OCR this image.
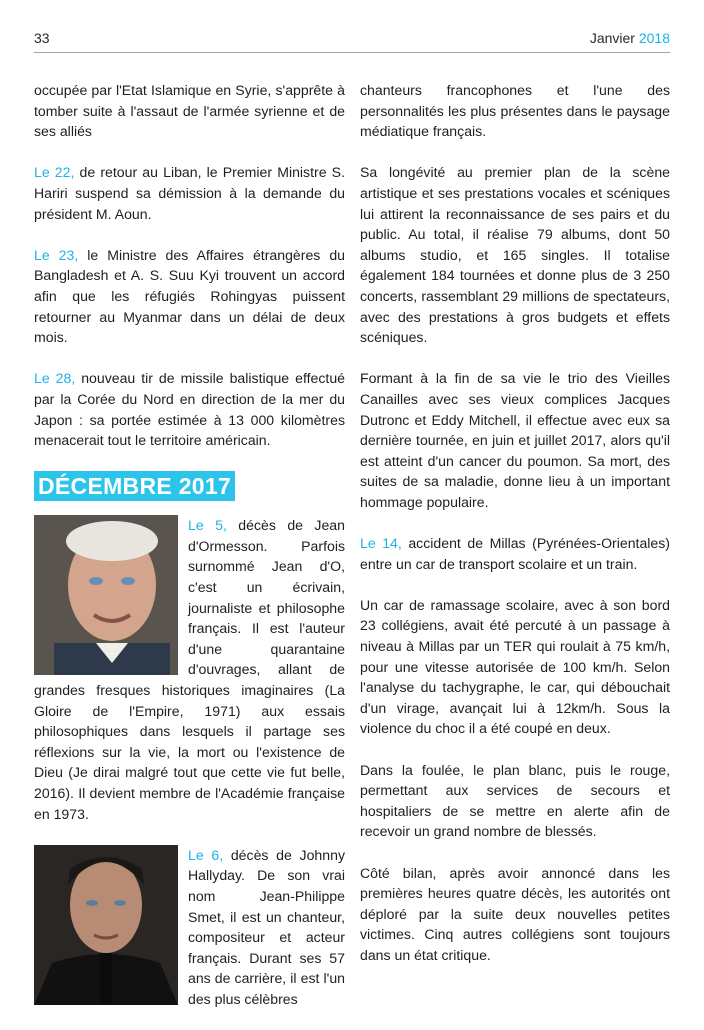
33	Janvier 2018

occupée par l'Etat Islamique en Syrie, s'apprête à tomber suite à l'assaut de l'armée syrienne et de ses alliés

Le 22, de retour au Liban, le Premier Ministre S. Hariri suspend sa démission à la demande du président M. Aoun.

Le 23, le Ministre des Affaires étrangères du Bangladesh et A. S. Suu Kyi trouvent un accord afin que les réfugiés Rohingyas puissent retourner au Myanmar dans un délai de deux mois.

Le 28, nouveau tir de missile balistique effectué par la Corée du Nord en direction de la mer du Japon : sa portée estimée à 13 000 kilomètres menacerait tout le territoire américain.

DÉCEMBRE 2017

Le 5, décès de Jean d'Ormesson. Parfois surnommé Jean d'O, c'est un écrivain, journaliste et philosophe français. Il est l'auteur d'une quarantaine d'ouvrages, allant de grandes fresques historiques imaginaires (La Gloire de l'Empire, 1971) aux essais philosophiques dans lesquels il partage ses réflexions sur la vie, la mort ou l'existence de Dieu (Je dirai malgré tout que cette vie fut belle, 2016). Il devient membre de l'Académie française en 1973.

Le 6, décès de Johnny Hallyday. De son vrai nom Jean-Philippe Smet, il est un chanteur, compositeur et acteur français. Durant ses 57 ans de carrière, il est l'un des plus célèbres

chanteurs francophones et l'une des personnalités les plus présentes dans le paysage médiatique français.

Sa longévité au premier plan de la scène artistique et ses prestations vocales et scéniques lui attirent la reconnaissance de ses pairs et du public. Au total, il réalise 79 albums, dont 50 albums studio, et 165 singles. Il totalise également 184 tournées et donne plus de 3 250 concerts, rassemblant 29 millions de spectateurs, avec des prestations à gros budgets et effets scéniques.

Formant à la fin de sa vie le trio des Vieilles Canailles avec ses vieux complices Jacques Dutronc et Eddy Mitchell, il effectue avec eux sa dernière tournée, en juin et juillet 2017, alors qu'il est atteint d'un cancer du poumon. Sa mort, des suites de sa maladie, donne lieu à un important hommage populaire.

Le 14, accident de Millas (Pyrénées-Orientales) entre un car de transport scolaire et un train.

Un car de ramassage scolaire, avec à son bord 23 collégiens, avait été percuté à un passage à niveau à Millas par un TER qui roulait à 75 km/h, pour une vitesse autorisée de 100 km/h. Selon l'analyse du tachygraphe, le car, qui débouchait d'un virage, avançait lui à 12km/h. Sous la violence du choc il a été coupé en deux.

Dans la foulée, le plan blanc, puis le rouge, permettant aux services de secours et hospitaliers de se mettre en alerte afin de recevoir un grand nombre de blessés.

Côté bilan, après avoir annoncé dans les premières heures quatre décès, les autorités ont déploré par la suite deux nouvelles petites victimes. Cinq autres collégiens sont toujours dans un état critique.
